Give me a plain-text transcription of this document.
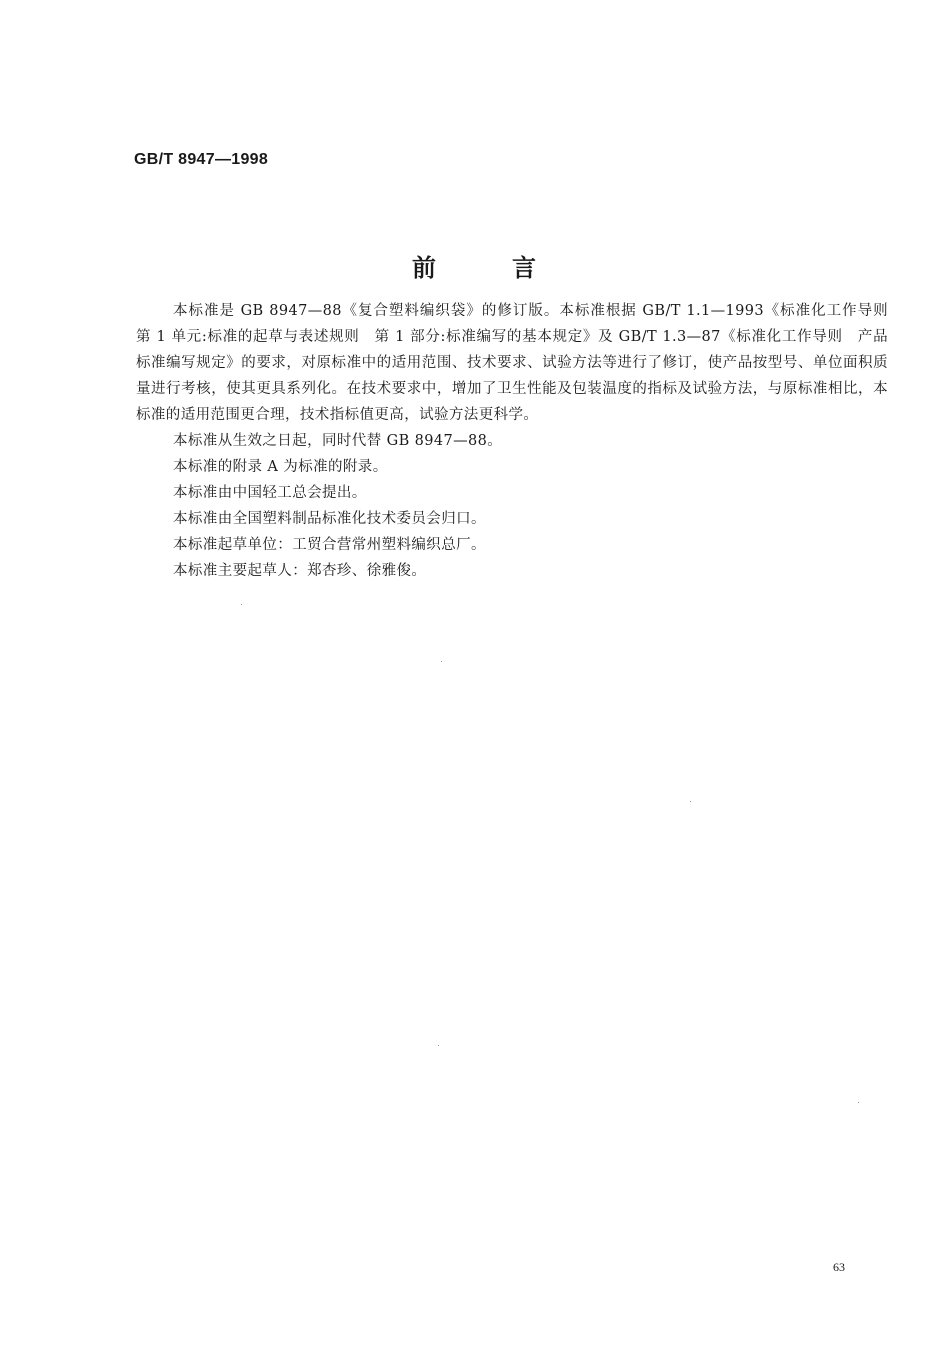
GB/T 8947—1998
前	言

本标准是 GB 8947—88《复合塑料编织袋》的修订版。本标准根据 GB/T 1.1—1993《标准化工作导则　第 1 单元:标准的起草与表述规则　第 1 部分:标准编写的基本规定》及 GB/T 1.3—87《标准化工作导则　产品标准编写规定》的要求，对原标准中的适用范围、技术要求、试验方法等进行了修订，使产品按型号、单位面积质量进行考核，使其更具系列化。在技术要求中，增加了卫生性能及包装温度的指标及试验方法，与原标准相比，本标准的适用范围更合理，技术指标值更高，试验方法更科学。

本标准从生效之日起，同时代替 GB 8947—88。

本标准的附录 A 为标准的附录。

本标准由中国轻工总会提出。

本标准由全国塑料制品标准化技术委员会归口。

本标准起草单位：工贸合营常州塑料编织总厂。

本标准主要起草人：郑杏珍、徐雅俊。

63
